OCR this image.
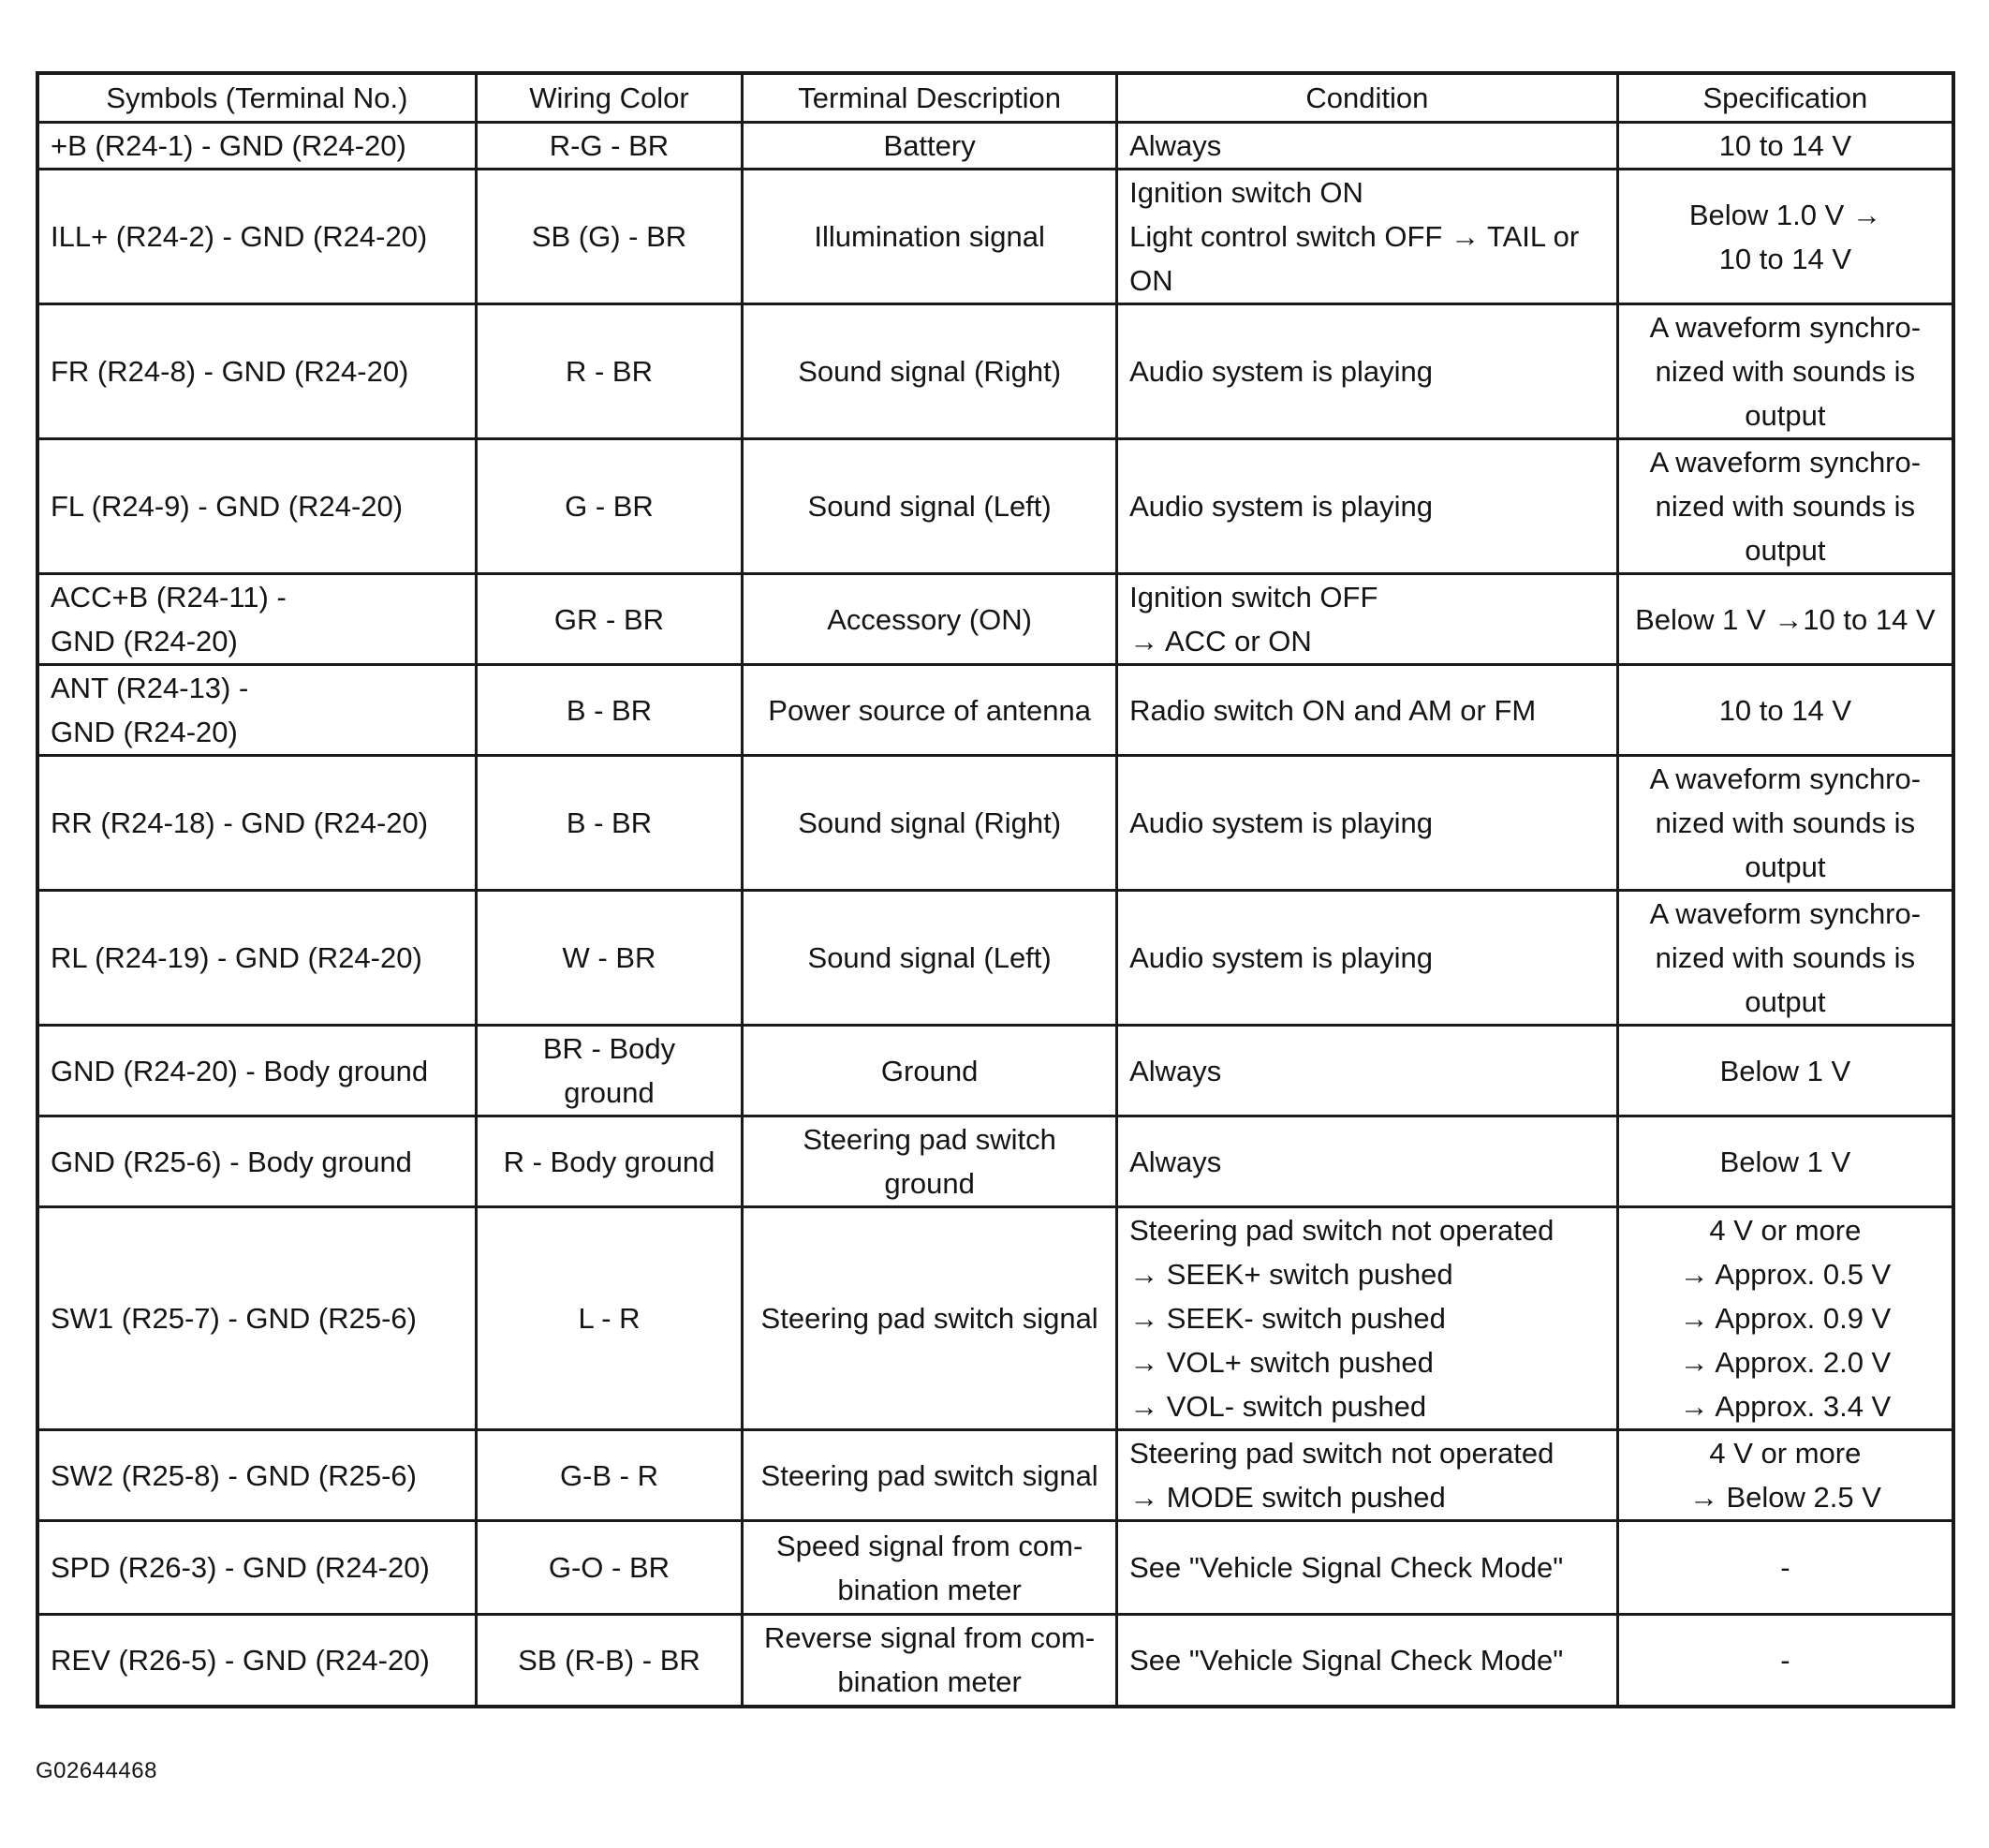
Symbols (Terminal No.)	Wiring Color	Terminal Description	Condition	Specification

+B (R24-1) - GND (R24-20)	R-G - BR	Battery	Always	10 to 14 V

ILL+ (R24-2) - GND (R24-20)	SB (G) - BR	Illumination signal	Ignition switch ON
Light control switch OFF → TAIL or
ON	Below 1.0 V →
10 to 14 V

FR (R24-8) - GND (R24-20)	R - BR	Sound signal (Right)	Audio system is playing	A waveform synchro-
nized with sounds is
output

FL (R24-9) - GND (R24-20)	G - BR	Sound signal (Left)	Audio system is playing	A waveform synchro-
nized with sounds is
output

ACC+B (R24-11) -
GND (R24-20)	GR - BR	Accessory (ON)	Ignition switch OFF
→ ACC or ON	Below 1 V →10 to 14 V

ANT (R24-13) -
GND (R24-20)	B - BR	Power source of antenna	Radio switch ON and AM or FM	10 to 14 V

RR (R24-18) - GND (R24-20)	B - BR	Sound signal (Right)	Audio system is playing	A waveform synchro-
nized with sounds is
output

RL (R24-19) - GND (R24-20)	W - BR	Sound signal (Left)	Audio system is playing	A waveform synchro-
nized with sounds is
output

GND (R24-20) - Body ground	BR - Body
ground	Ground	Always	Below 1 V

GND (R25-6) - Body ground	R - Body ground	Steering pad switch
ground	Always	Below 1 V

SW1 (R25-7) - GND (R25-6)	L - R	Steering pad switch signal	Steering pad switch not operated
→ SEEK+ switch pushed
→ SEEK- switch pushed
→ VOL+ switch pushed
→ VOL- switch pushed	4 V or more
→ Approx. 0.5 V
→ Approx. 0.9 V
→ Approx. 2.0 V
→ Approx. 3.4 V

SW2 (R25-8) - GND (R25-6)	G-B - R	Steering pad switch signal	Steering pad switch not operated
→ MODE switch pushed	4 V or more
→ Below 2.5 V

SPD (R26-3) - GND (R24-20)	G-O - BR	Speed signal from com-
bination meter	See "Vehicle Signal Check Mode"	-

REV (R26-5) - GND (R24-20)	SB (R-B) - BR	Reverse signal from com-
bination meter	See "Vehicle Signal Check Mode"	-
G02644468
